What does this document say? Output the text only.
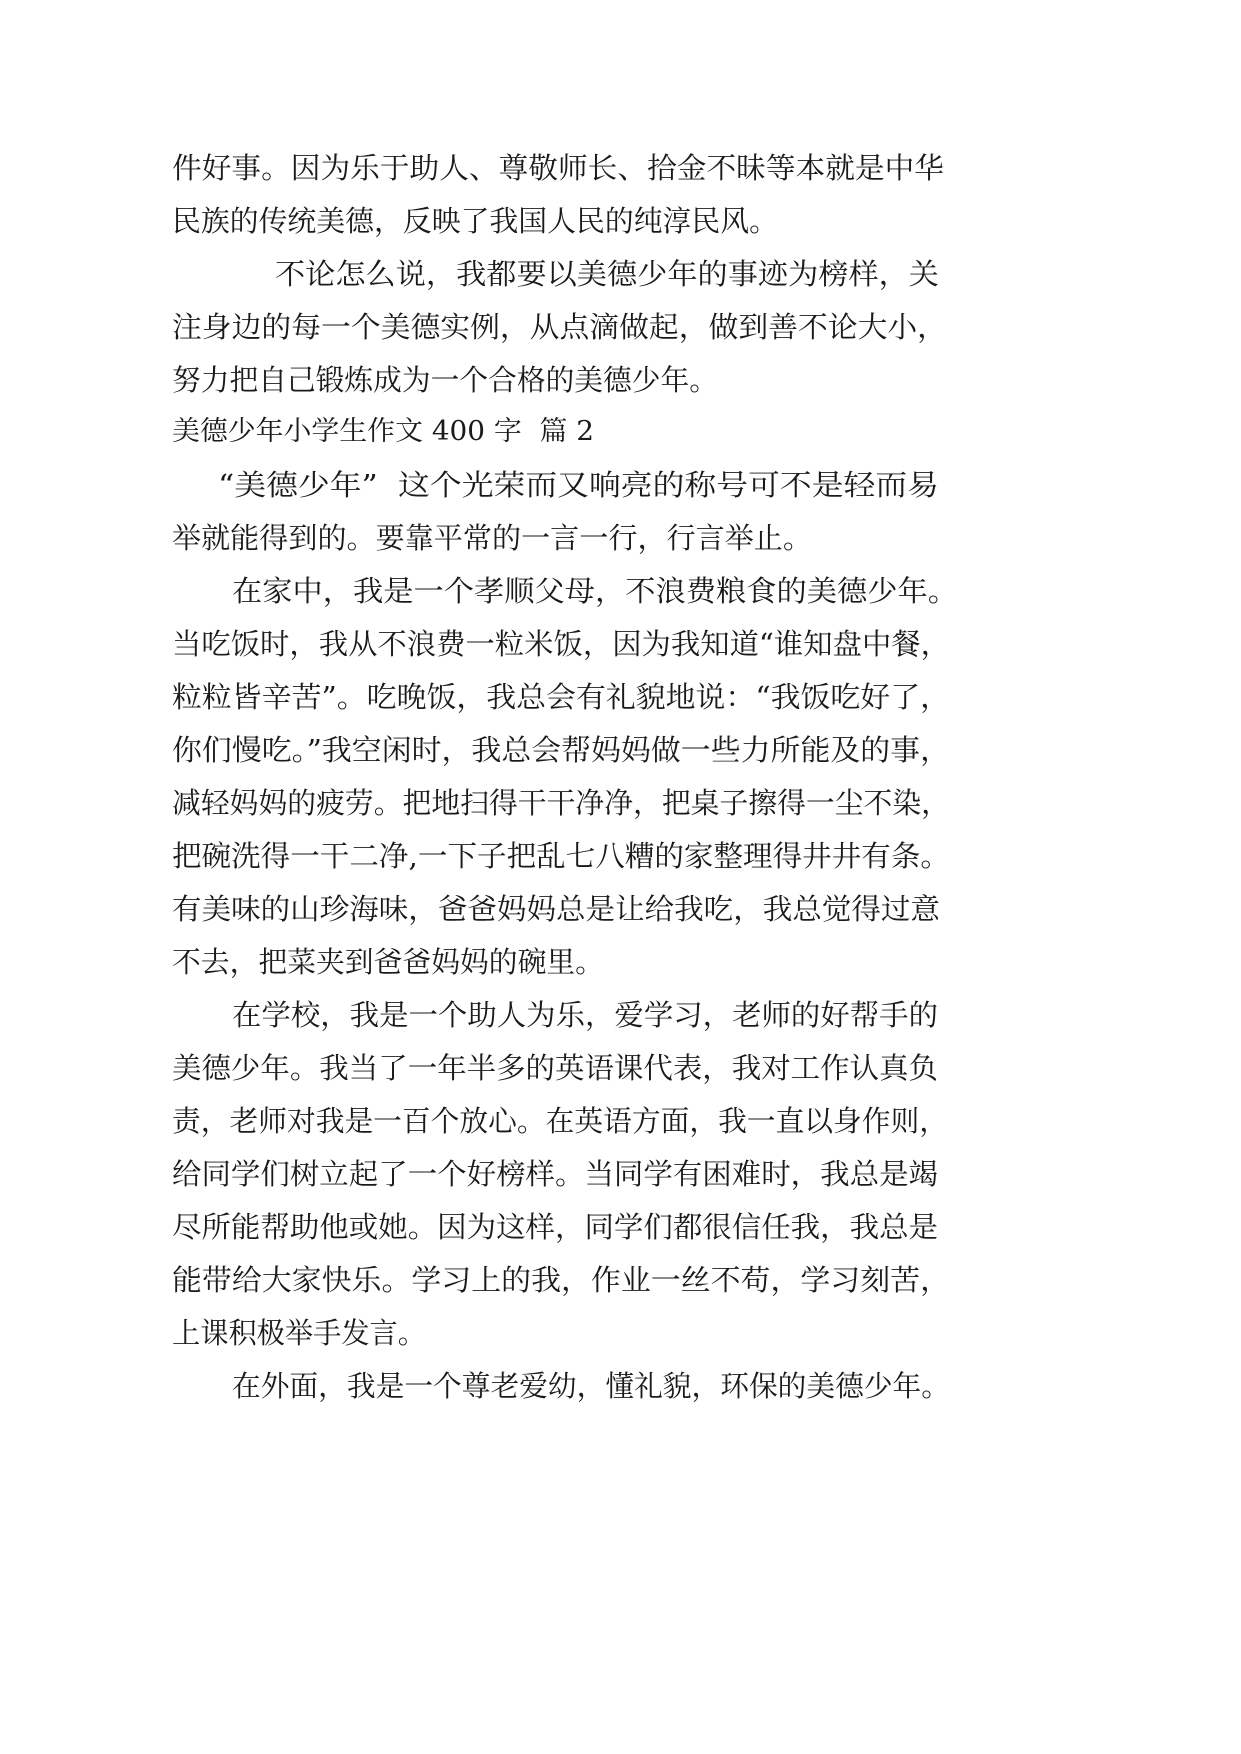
件好事。因为乐于助人、尊敬师长、拾金不昧等本就是中华
民族的传统美德，反映了我国人民的纯淳民风。
不论怎么说，我都要以美德少年的事迹为榜样，关
注身边的每一个美德实例，从点滴做起，做到善不论大小，
努力把自己锻炼成为一个合格的美德少年。
美德少年小学生作文 400 字  篇 2
“美德少年”  这个光荣而又响亮的称号可不是轻而易
举就能得到的。要靠平常的一言一行，行言举止。
在家中，我是一个孝顺父母，不浪费粮食的美德少年。
当吃饭时，我从不浪费一粒米饭，因为我知道“谁知盘中餐，
粒粒皆辛苦”。吃晚饭，我总会有礼貌地说：“我饭吃好了，
你们慢吃。”我空闲时，我总会帮妈妈做一些力所能及的事，
减轻妈妈的疲劳。把地扫得干干净净，把桌子擦得一尘不染，
把碗洗得一干二净,一下子把乱七八糟的家整理得井井有条。
有美味的山珍海味，爸爸妈妈总是让给我吃，我总觉得过意
不去，把菜夹到爸爸妈妈的碗里。
在学校，我是一个助人为乐，爱学习，老师的好帮手的
美德少年。我当了一年半多的英语课代表，我对工作认真负
责，老师对我是一百个放心。在英语方面，我一直以身作则，
给同学们树立起了一个好榜样。当同学有困难时，我总是竭
尽所能帮助他或她。因为这样，同学们都很信任我，我总是
能带给大家快乐。学习上的我，作业一丝不苟，学习刻苦，
上课积极举手发言。
在外面，我是一个尊老爱幼，懂礼貌，环保的美德少年。
